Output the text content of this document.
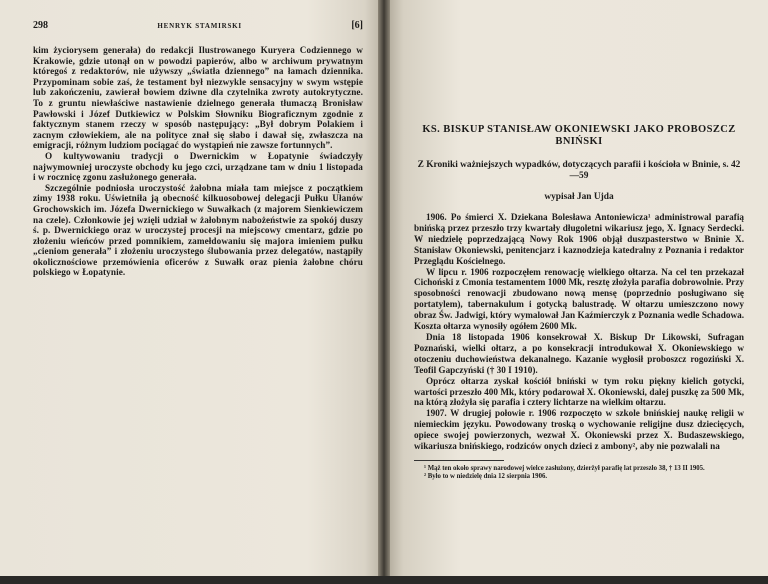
298	HENRYK STAMIRSKI	[6]

kim życiorysem generała) do redakcji Ilustrowanego Kuryera Codziennego w Krakowie, gdzie utonął on w powodzi papierów, albo w archiwum prywatnym któregoś z redaktorów, nie używszy „światła dziennego” na łamach dziennika. Przypominam sobie zaś, że testament był niezwykle sensacyjny w swym wstępie lub zakończeniu, zawierał bowiem dziwne dla czytelnika zwroty autokrytyczne. To z gruntu niewłaściwe nastawienie dzielnego generała tłumaczą Bronisław Pawłowski i Józef Dutkiewicz w Polskim Słowniku Biograficznym zgodnie z faktycznym stanem rzeczy w sposób następujący: „Był dobrym Polakiem i zacnym człowiekiem, ale na polityce znał się słabo i dawał się, zwłaszcza na emigracji, różnym ludziom pociągać do wystąpień nie zawsze fortunnych”.

O kultywowaniu tradycji o Dwernickim w Łopatynie świadczyły najwymowniej uroczyste obchody ku jego czci, urządzane tam w dniu 1 listopada i w rocznicę zgonu zasłużonego generała.

Szczególnie podniosła uroczystość żałobna miała tam miejsce z początkiem zimy 1938 roku. Uświetniła ją obecność kilkuosobowej delegacji Pułku Ułanów Grochowskich im. Józefa Dwernickiego w Suwałkach (z majorem Sienkiewiczem na czele). Członkowie jej wzięli udział w żałobnym nabożeństwie za spokój duszy ś. p. Dwernickiego oraz w uroczystej procesji na miejscowy cmentarz, gdzie po złożeniu wieńców przed pomnikiem, zamełdowaniu się majora imieniem pułku „cieniom generała” i złożeniu uroczystego ślubowania przez delegatów, nastąpiły okolicznościowe przemówienia oficerów z Suwałk oraz pienia żałobne chóru polskiego w Łopatynie.

KS. BISKUP STANISŁAW OKONIEWSKI JAKO PROBOSZCZ BNIŃSKI
Z Kroniki ważniejszych wypadków, dotyczących parafii i kościoła w Bninie, s. 42—59
wypisał Jan Ujda

1906. Po śmierci X. Dziekana Bolesława Antoniewicza¹ administrowal parafią bnińską przez przeszło trzy kwartały długoletni wikariusz jego, X. Ignacy Serdecki. W niedzielę poprzedzającą Nowy Rok 1906 objął duszpasterstwo w Bninie X. Stanisław Okoniewski, penitencjarz i kaznodzieja katedralny z Poznania i redaktor Przeglądu Kościelnego.

W lipcu r. 1906 rozpoczęłem renowację wielkiego ołtarza. Na cel ten przekazał Cichoński z Cmonia testamentem 1000 Mk, resztę złożyła parafia dobrowolnie. Przy sposobności renowacji zbudowano nową mensę (poprzednio posługiwano się portatylem), tabernakulum i gotycką balustradę. W ołtarzu umieszczono nowy obraz Św. Jadwigi, który wymalował Jan Kaźmierczyk z Poznania wedle Schadowa. Koszta ołtarza wynosiły ogółem 2600 Mk.

Dnia 18 listopada 1906 konsekrował X. Biskup Dr Likowski, Sufragan Poznański, wielki ołtarz, a po konsekracji introdukował X. Okoniewskiego w otoczeniu duchowieństwa dekanalnego. Kazanie wygłosił proboszcz rogoziński X. Teofil Gapczyński († 30 I 1910).

Oprócz ołtarza zyskał kościół bniński w tym roku piękny kielich gotycki, wartości przeszło 400 Mk, który podarował X. Okoniewski, dalej puszkę za 500 Mk, na którą złożyła się parafia i cztery lichtarze na wielkim ołtarzu.

1907. W drugiej połowie r. 1906 rozpoczęto w szkole bnińskiej naukę religii w niemieckim języku. Powodowany troską o wychowanie religijne dusz dziecięcych, opiece swojej powierzonych, wezwał X. Okoniewski przez X. Budaszewskiego, wikariusza bnińskiego, rodziców onych dzieci z ambony², aby nie pozwalali na

¹ Mąż ten około sprawy narodowej wielce zasłużony, dzierżył parafię lat przeszło 38, † 13 II 1905.

² Było to w niedzielę dnia 12 sierpnia 1906.
